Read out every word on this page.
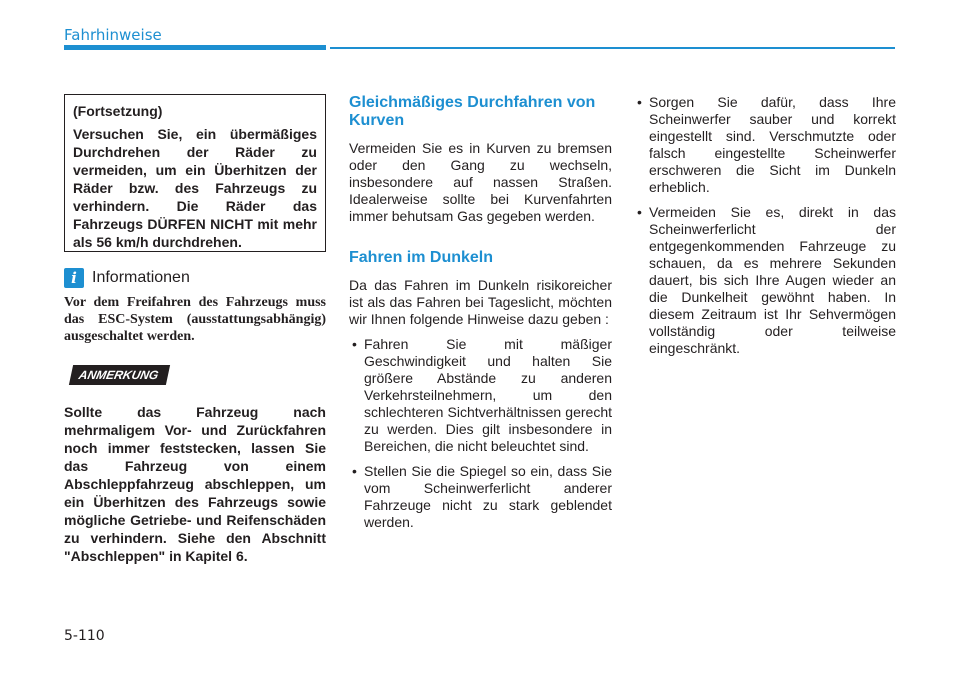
Fahrhinweise
(Fortsetzung)
Versuchen Sie, ein übermäßiges Durchdrehen der Räder zu vermeiden, um ein Überhitzen der Räder bzw. des Fahrzeugs zu verhindern. Die Räder das Fahrzeugs DÜRFEN NICHT mit mehr als 56 km/h durchdrehen.
i Informationen
Vor dem Freifahren des Fahrzeugs muss das ESC-System (ausstattungsabhängig) ausgeschaltet werden.
ANMERKUNG
Sollte das Fahrzeug nach mehrmaligem Vor- und Zurückfahren noch immer feststecken, lassen Sie das Fahrzeug von einem Abschleppfahrzeug abschleppen, um ein Überhitzen des Fahrzeugs sowie mögliche Getriebe- und Reifenschäden zu verhindern. Siehe den Abschnitt "Abschleppen" in Kapitel 6.
Gleichmäßiges Durchfahren von Kurven
Vermeiden Sie es in Kurven zu bremsen oder den Gang zu wechseln, insbesondere auf nassen Straßen. Idealerweise sollte bei Kurvenfahrten immer behutsam Gas gegeben werden.
Fahren im Dunkeln
Da das Fahren im Dunkeln risikoreicher ist als das Fahren bei Tageslicht, möchten wir Ihnen folgende Hinweise dazu geben :
• Fahren Sie mit mäßiger Geschwindigkeit und halten Sie größere Abstände zu anderen Verkehrsteilnehmern, um den schlechteren Sichtverhältnissen gerecht zu werden. Dies gilt insbesondere in Bereichen, die nicht beleuchtet sind.
• Stellen Sie die Spiegel so ein, dass Sie vom Scheinwerferlicht anderer Fahrzeuge nicht zu stark geblendet werden.
• Sorgen Sie dafür, dass Ihre Scheinwerfer sauber und korrekt eingestellt sind. Verschmutzte oder falsch eingestellte Scheinwerfer erschweren die Sicht im Dunkeln erheblich.
• Vermeiden Sie es, direkt in das Scheinwerferlicht der entgegenkommenden Fahrzeuge zu schauen, da es mehrere Sekunden dauert, bis sich Ihre Augen wieder an die Dunkelheit gewöhnt haben. In diesem Zeitraum ist Ihr Sehvermögen vollständig oder teilweise eingeschränkt.
5-110
